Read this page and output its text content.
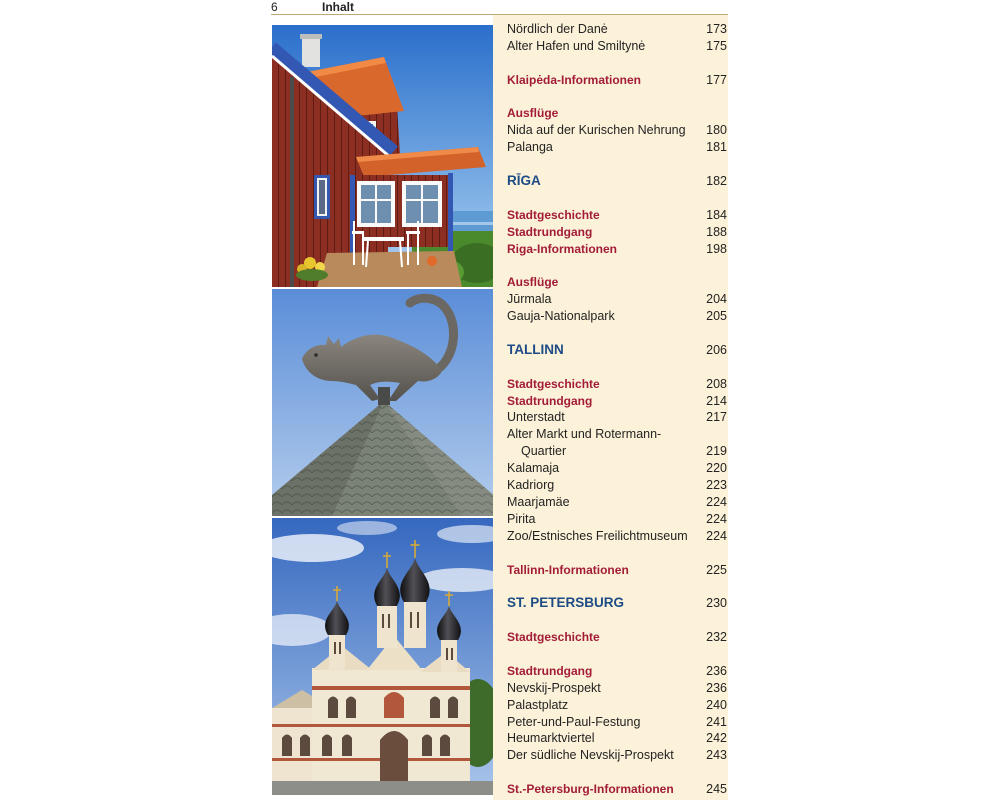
6	Inhalt
Nördlich der Danė	173
Alter Hafen und Smiltynė	175
Klaipėda-Informationen	177
Ausflüge
Nida auf der Kurischen Nehrung 180
Palanga	181
RĪGA	182
Stadtgeschichte	184
Stadtrundgang	188
Riga-Informationen	198
Ausflüge
Jūrmala	204
Gauja-Nationalpark	205
TALLINN	206
Stadtgeschichte	208
Stadtrundgang	214
Unterstadt	217
Alter Markt und Rotermann-
Quartier	219
Kalamaja	220
Kadriorg	223
Maarjamäe	224
Pirita	224
Zoo/Estnisches Freilichtmuseum 224
Tallinn-Informationen	225
ST. PETERSBURG	230
Stadtgeschichte	232
Stadtrundgang	236
Nevskij-Prospekt	236
Palastplatz	240
Peter-und-Paul-Festung	241
Heumarktviertel	242
Der südliche Nevskij-Prospekt	243
St.-Petersburg-Informationen	245
